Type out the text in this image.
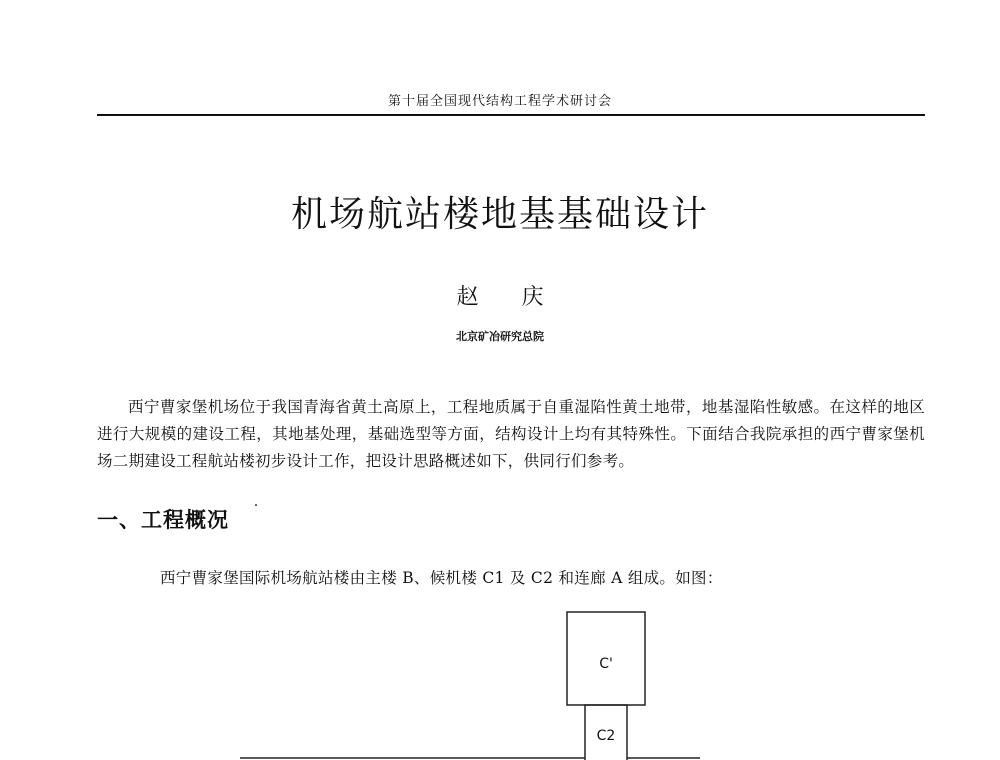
第十届全国现代结构工程学术研讨会
机场航站楼地基基础设计
赵 庆
北京矿冶研究总院

西宁曹家堡机场位于我国青海省黄土高原上，工程地质属于自重湿陷性黄土地带，地基湿陷性敏感。在这样的地区进行大规模的建设工程，其地基处理，基础选型等方面，结构设计上均有其特殊性。下面结合我院承担的西宁曹家堡机场二期建设工程航站楼初步设计工作，把设计思路概述如下，供同行们参考。

一、工程概况
西宁曹家堡国际机场航站楼由主楼 B、候机楼 C1 及 C2 和连廊 A 组成。如图：
C'
C2
